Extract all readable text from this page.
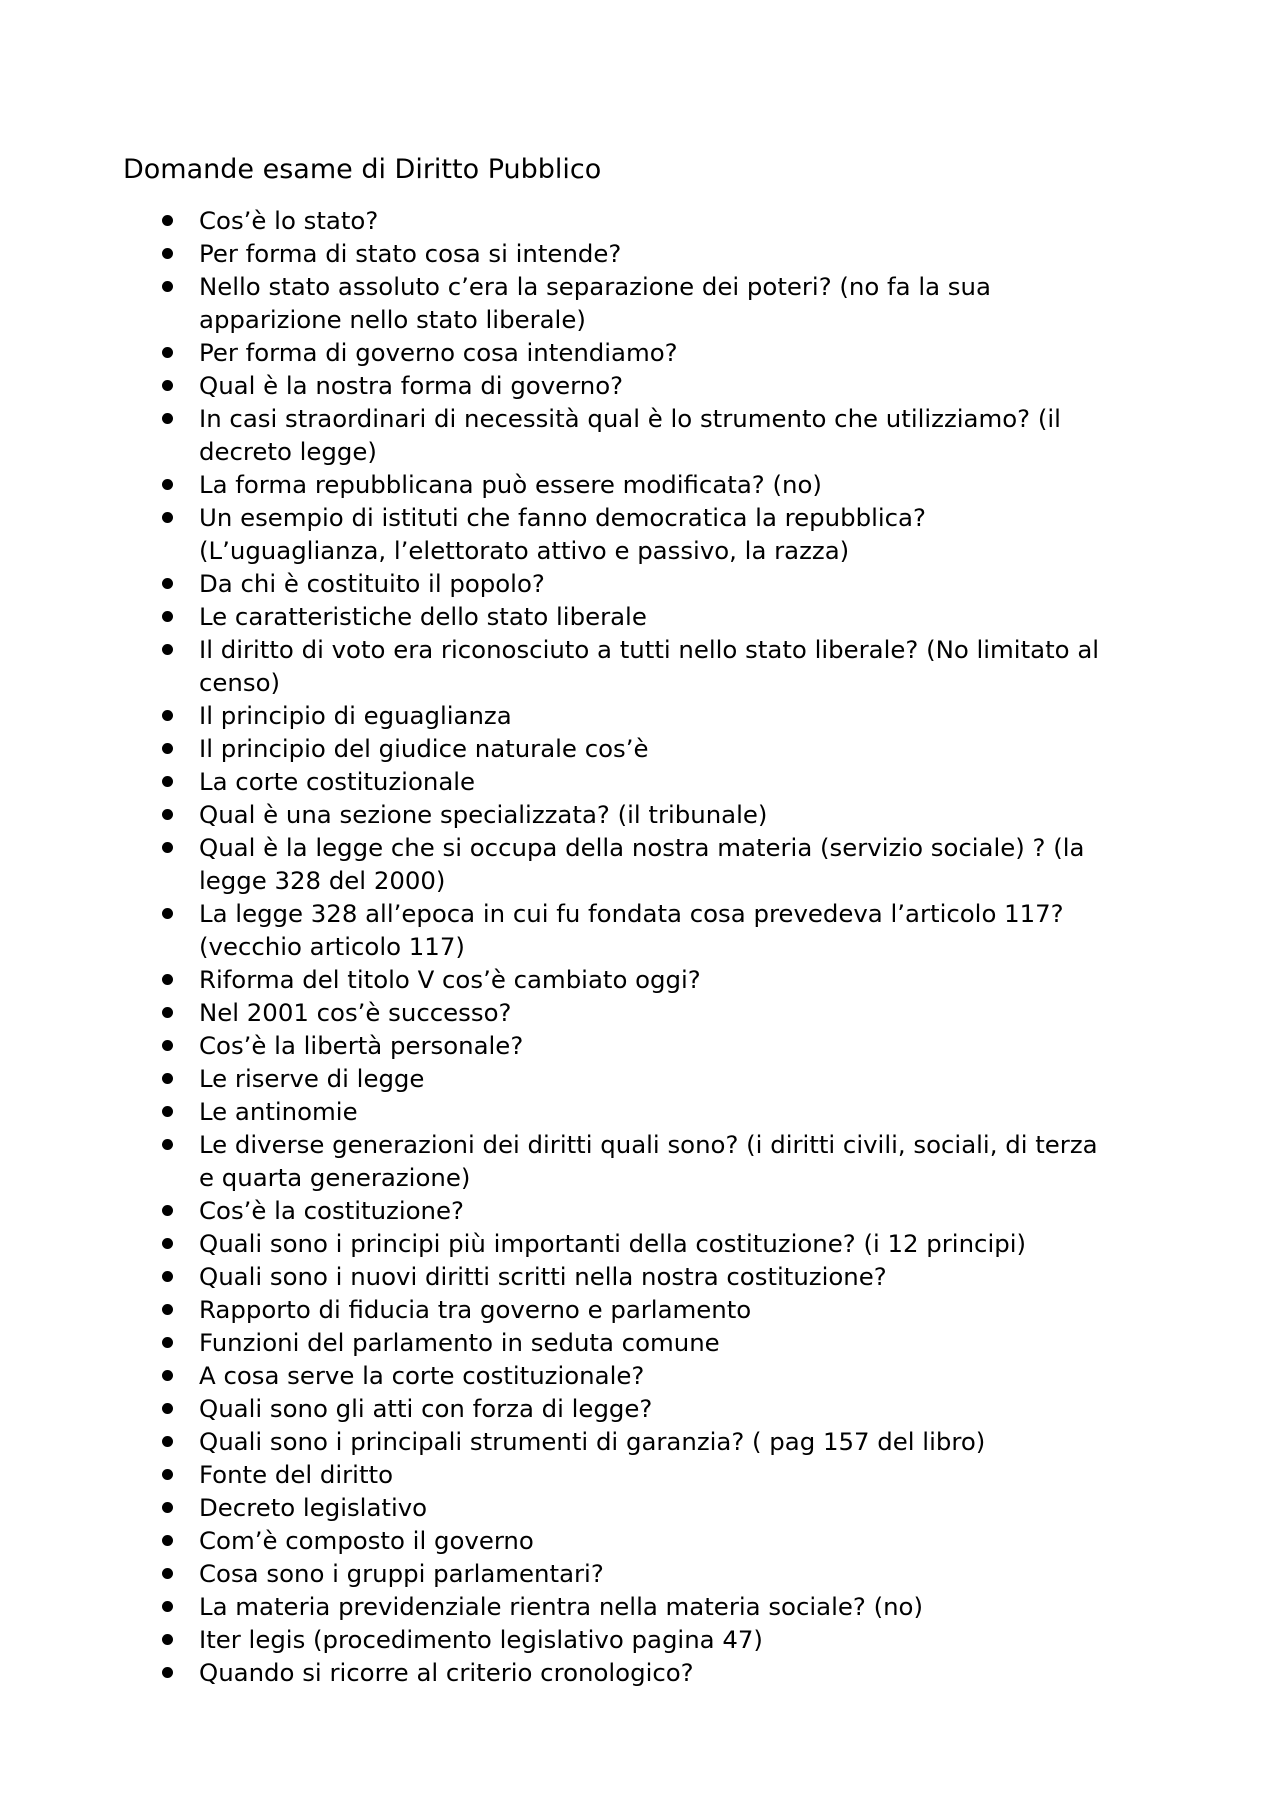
Domande esame di Diritto Pubblico
Cos’è lo stato?
Per forma di stato cosa si intende?
Nello stato assoluto c’era la separazione dei poteri? (no fa la sua
apparizione nello stato liberale)
Per forma di governo cosa intendiamo?
Qual è la nostra forma di governo?
In casi straordinari di necessità qual è lo strumento che utilizziamo? (il
decreto legge)
La forma repubblicana può essere modificata? (no)
Un esempio di istituti che fanno democratica la repubblica?
(L’uguaglianza, l’elettorato attivo e passivo, la razza)
Da chi è costituito il popolo?
Le caratteristiche dello stato liberale
Il diritto di voto era riconosciuto a tutti nello stato liberale? (No limitato al
censo)
Il principio di eguaglianza
Il principio del giudice naturale cos’è
La corte costituzionale
Qual è una sezione specializzata? (il tribunale)
Qual è la legge che si occupa della nostra materia (servizio sociale) ? (la
legge 328 del 2000)
La legge 328 all’epoca in cui fu fondata cosa prevedeva l’articolo 117?
(vecchio articolo 117)
Riforma del titolo V cos’è cambiato oggi?
Nel 2001 cos’è successo?
Cos’è la libertà personale?
Le riserve di legge
Le antinomie
Le diverse generazioni dei diritti quali sono? (i diritti civili, sociali, di terza
e quarta generazione)
Cos’è la costituzione?
Quali sono i principi più importanti della costituzione? (i 12 principi)
Quali sono i nuovi diritti scritti nella nostra costituzione?
Rapporto di fiducia tra governo e parlamento
Funzioni del parlamento in seduta comune
A cosa serve la corte costituzionale?
Quali sono gli atti con forza di legge?
Quali sono i principali strumenti di garanzia? ( pag 157 del libro)
Fonte del diritto
Decreto legislativo
Com’è composto il governo
Cosa sono i gruppi parlamentari?
La materia previdenziale rientra nella materia sociale? (no)
Iter legis (procedimento legislativo pagina 47)
Quando si ricorre al criterio cronologico?
